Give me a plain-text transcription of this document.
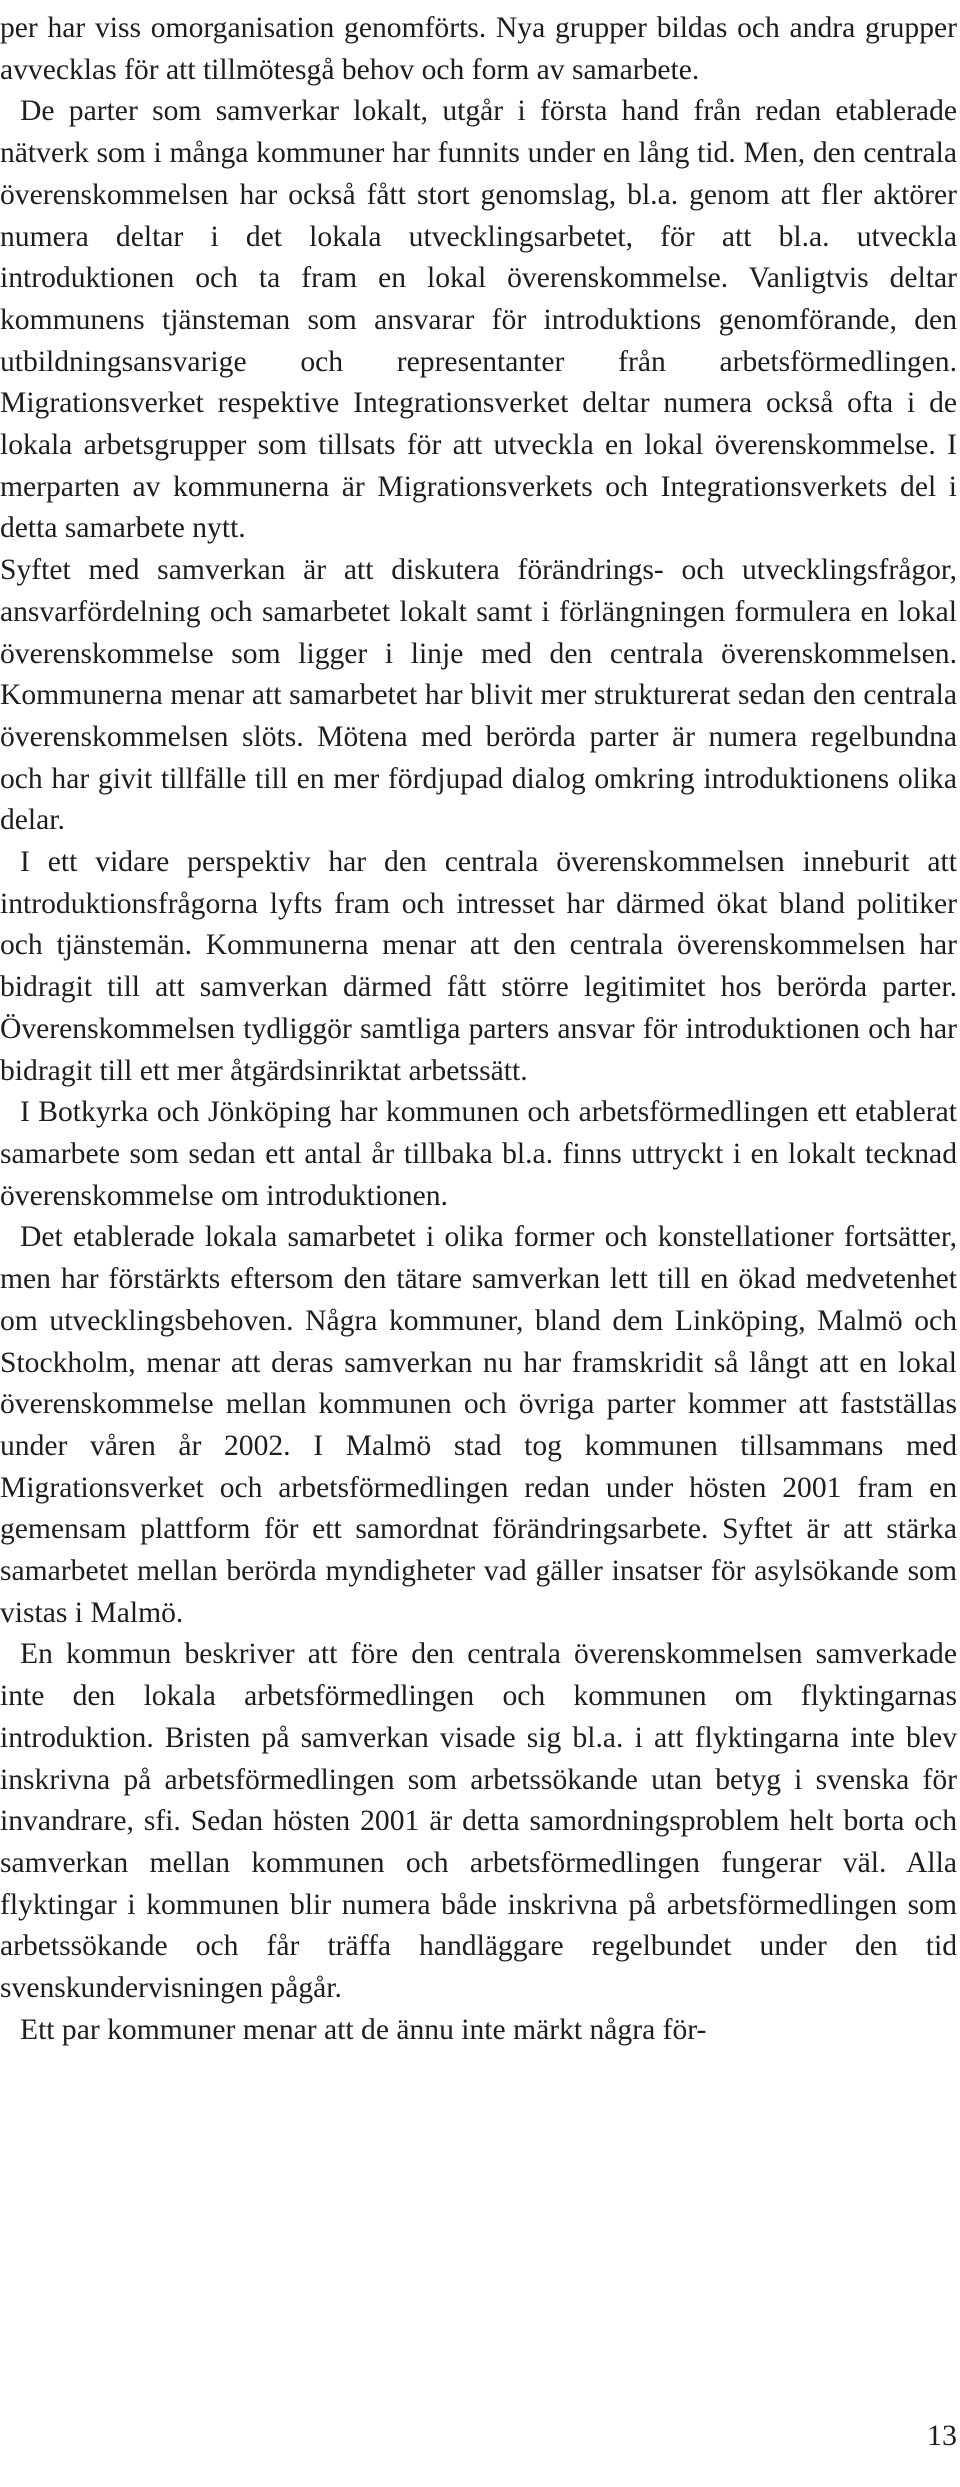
per har viss omorganisation genomförts. Nya grupper bildas och andra grupper avvecklas för att tillmötesgå behov och form av samarbete.

De parter som samverkar lokalt, utgår i första hand från redan etablerade nätverk som i många kommuner har funnits under en lång tid. Men, den centrala överenskommelsen har också fått stort genomslag, bl.a. genom att fler aktörer numera deltar i det lokala utvecklingsarbetet, för att bl.a. utveckla introduktionen och ta fram en lokal överenskommelse. Vanligtvis deltar kommunens tjänsteman som ansvarar för introduktions genomförande, den utbildningsansvarige och representanter från arbetsförmedlingen. Migrationsverket respektive Integrationsverket deltar numera också ofta i de lokala arbetsgrupper som tillsats för att utveckla en lokal överenskommelse. I merparten av kommunerna är Migrationsverkets och Integrationsverkets del i detta samarbete nytt.

Syftet med samverkan är att diskutera förändrings- och utvecklingsfrågor, ansvarfördelning och samarbetet lokalt samt i förlängningen formulera en lokal överenskommelse som ligger i linje med den centrala överenskommelsen. Kommunerna menar att samarbetet har blivit mer strukturerat sedan den centrala överenskommelsen slöts. Mötena med berörda parter är numera regelbundna och har givit tillfälle till en mer fördjupad dialog omkring introduktionens olika delar.

I ett vidare perspektiv har den centrala överenskommelsen inneburit att introduktionsfrågorna lyfts fram och intresset har därmed ökat bland politiker och tjänstemän. Kommunerna menar att den centrala överenskommelsen har bidragit till att samverkan därmed fått större legitimitet hos berörda parter. Överenskommelsen tydliggör samtliga parters ansvar för introduktionen och har bidragit till ett mer åtgärdsinriktat arbetssätt.

I Botkyrka och Jönköping har kommunen och arbetsförmedlingen ett etablerat samarbete som sedan ett antal år tillbaka bl.a. finns uttryckt i en lokalt tecknad överenskommelse om introduktionen.

Det etablerade lokala samarbetet i olika former och konstellationer fortsätter, men har förstärkts eftersom den tätare samverkan lett till en ökad medvetenhet om utvecklingsbehoven. Några kommuner, bland dem Linköping, Malmö och Stockholm, menar att deras samverkan nu har framskridit så långt att en lokal överenskommelse mellan kommunen och övriga parter kommer att fastställas under våren år 2002. I Malmö stad tog kommunen tillsammans med Migrationsverket och arbetsförmedlingen redan under hösten 2001 fram en gemensam plattform för ett samordnat förändringsarbete. Syftet är att stärka samarbetet mellan berörda myndigheter vad gäller insatser för asylsökande som vistas i Malmö.

En kommun beskriver att före den centrala överenskommelsen samverkade inte den lokala arbetsförmedlingen och kommunen om flyktingarnas introduktion. Bristen på samverkan visade sig bl.a. i att flyktingarna inte blev inskrivna på arbetsförmedlingen som arbetssökande utan betyg i svenska för invandrare, sfi. Sedan hösten 2001 är detta samordningsproblem helt borta och samverkan mellan kommunen och arbetsförmedlingen fungerar väl. Alla flyktingar i kommunen blir numera både inskrivna på arbetsförmedlingen som arbetssökande och får träffa handläggare regelbundet under den tid svenskundervisningen pågår.

Ett par kommuner menar att de ännu inte märkt några för-

13
